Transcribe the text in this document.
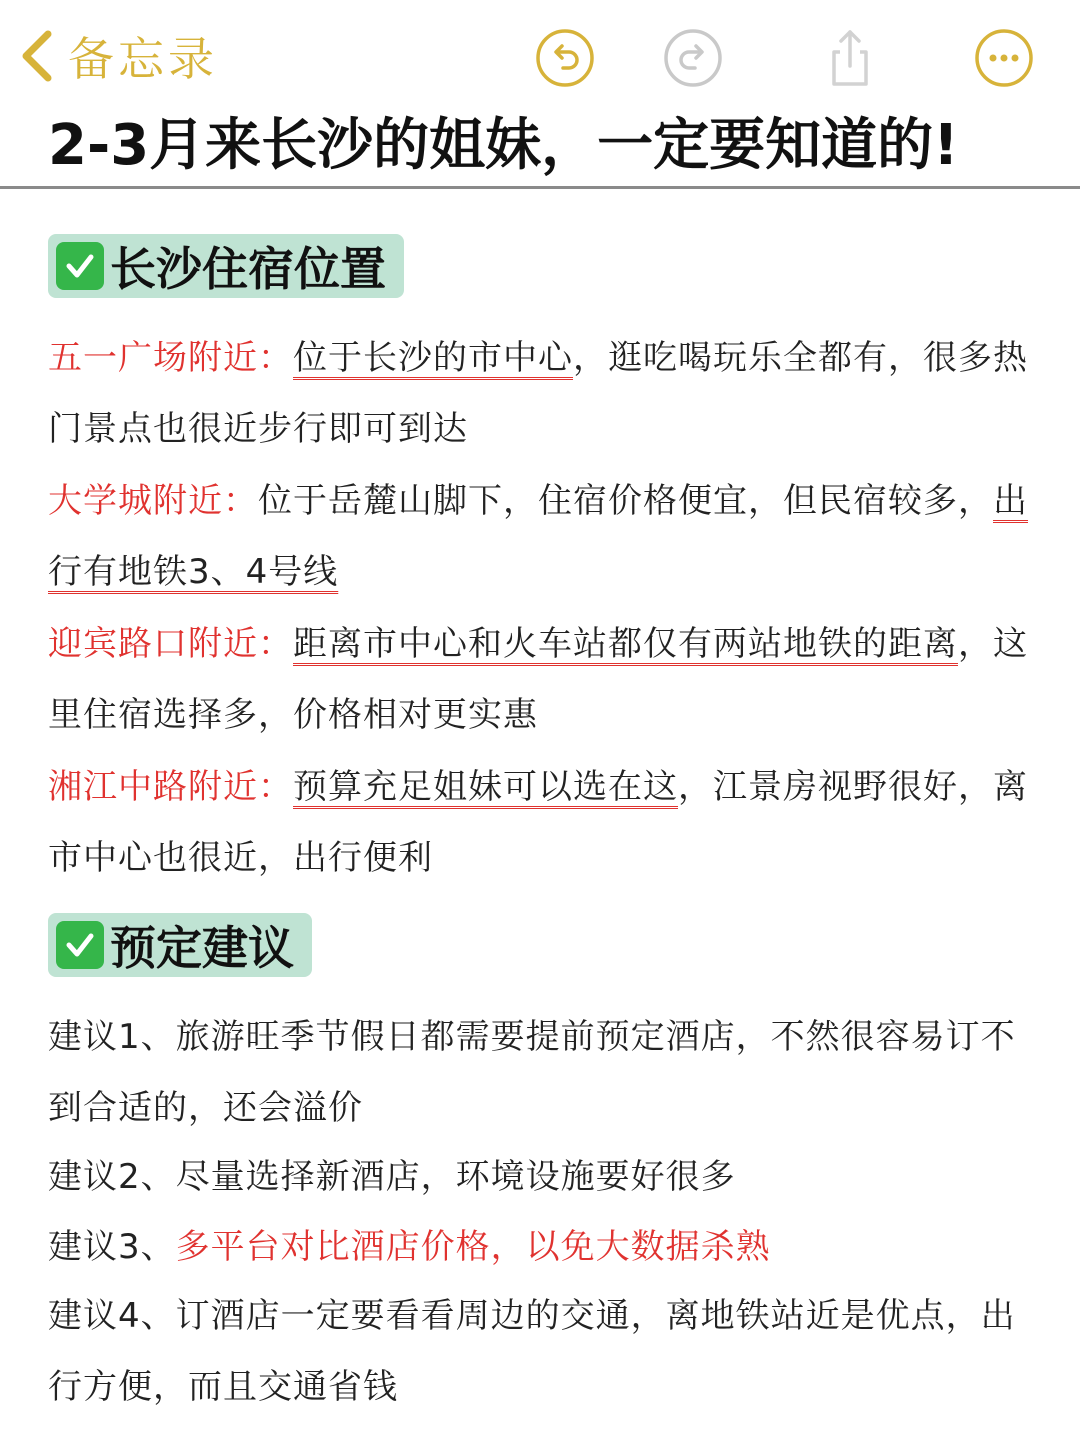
备忘录
2-3月来长沙的姐妹，一定要知道的!
长沙住宿位置
五一广场附近：位于长沙的市中心，逛吃喝玩乐全都有，很多热门景点也很近步行即可到达
大学城附近：位于岳麓山脚下，住宿价格便宜，但民宿较多，出行有地铁3、4号线
迎宾路口附近：距离市中心和火车站都仅有两站地铁的距离，这里住宿选择多，价格相对更实惠
湘江中路附近：预算充足姐妹可以选在这，江景房视野很好，离市中心也很近，出行便利
预定建议
建议1、旅游旺季节假日都需要提前预定酒店，不然很容易订不到合适的，还会溢价
建议2、尽量选择新酒店，环境设施要好很多
建议3、多平台对比酒店价格，以免大数据杀熟
建议4、订酒店一定要看看周边的交通，离地铁站近是优点，出行方便，而且交通省钱
